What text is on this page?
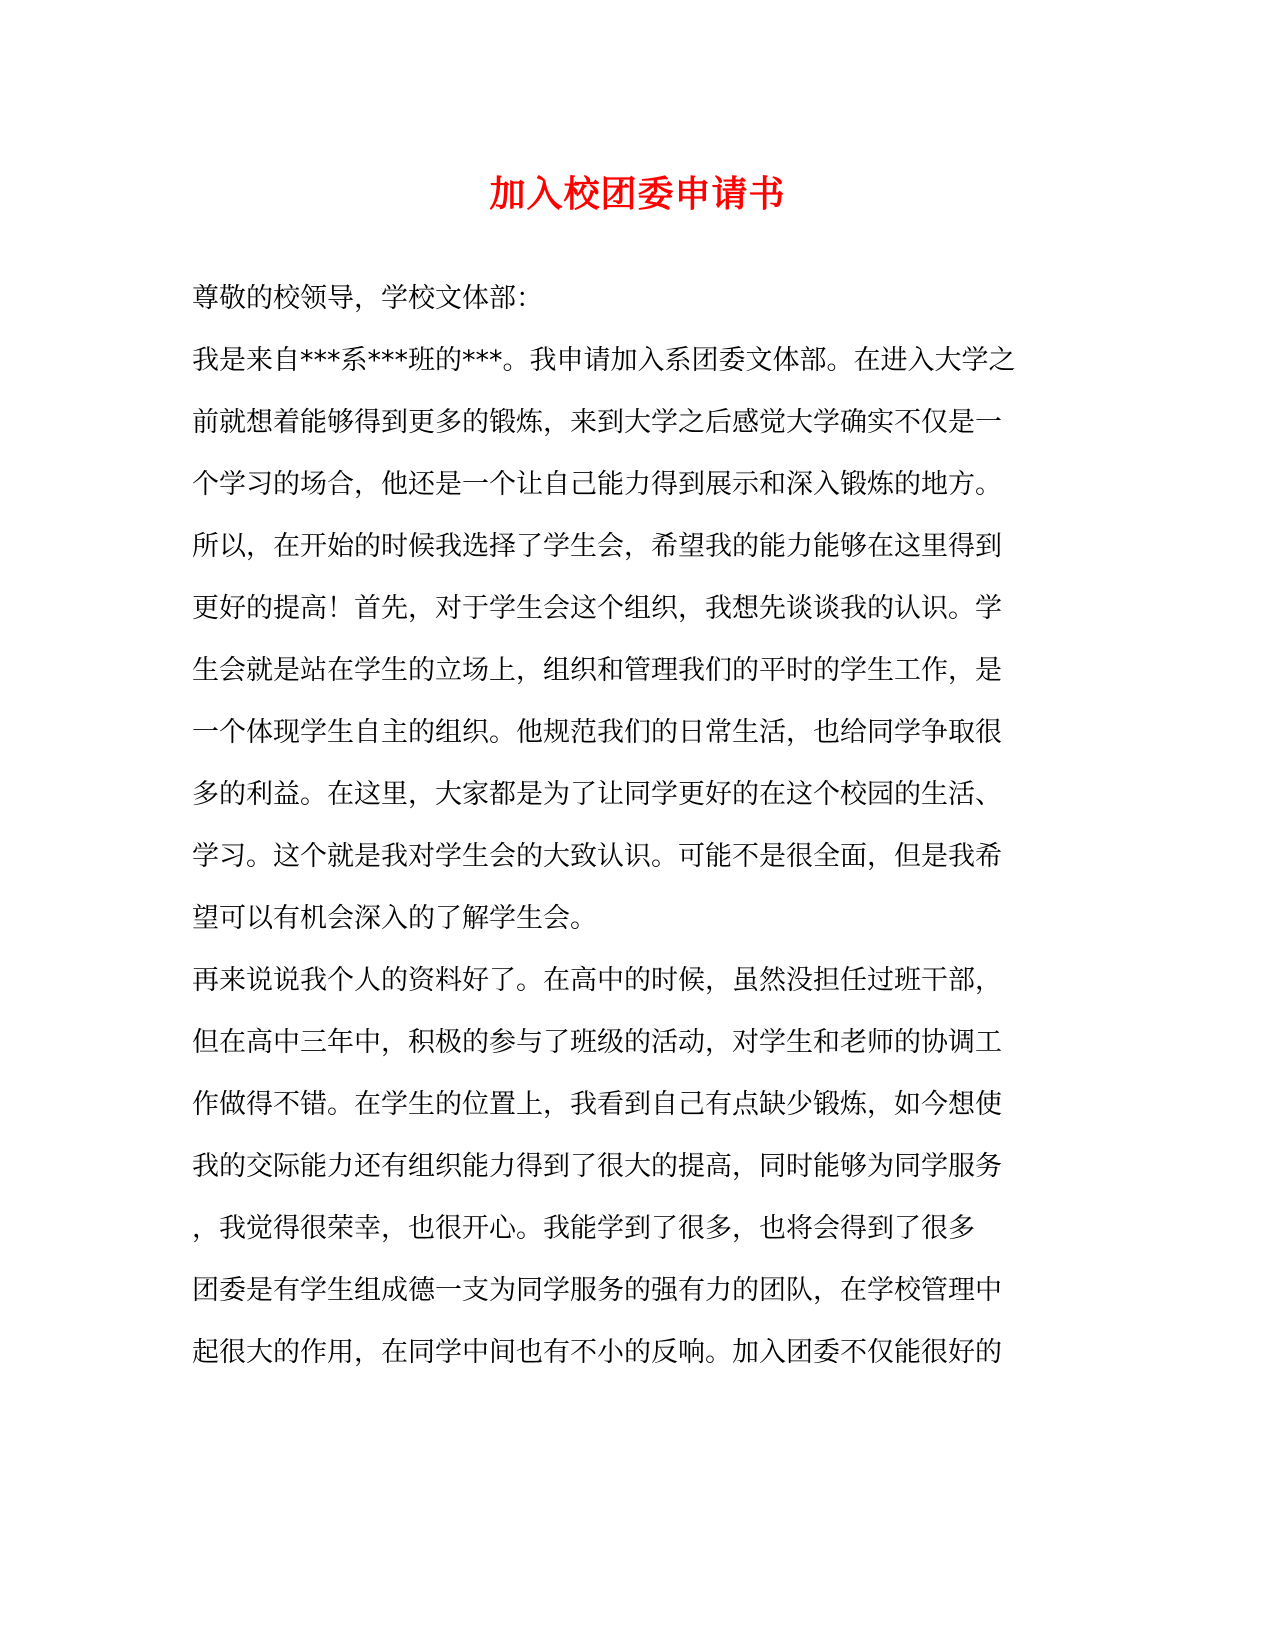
加入校团委申请书
尊敬的校领导，学校文体部：
我是来自***系***班的***。我申请加入系团委文体部。在进入大学之
前就想着能够得到更多的锻炼，来到大学之后感觉大学确实不仅是一
个学习的场合，他还是一个让自己能力得到展示和深入锻炼的地方。
所以，在开始的时候我选择了学生会，希望我的能力能够在这里得到
更好的提高！首先，对于学生会这个组织，我想先谈谈我的认识。学
生会就是站在学生的立场上，组织和管理我们的平时的学生工作，是
一个体现学生自主的组织。他规范我们的日常生活，也给同学争取很
多的利益。在这里，大家都是为了让同学更好的在这个校园的生活、
学习。这个就是我对学生会的大致认识。可能不是很全面，但是我希
望可以有机会深入的了解学生会。
再来说说我个人的资料好了。在高中的时候，虽然没担任过班干部，
但在高中三年中，积极的参与了班级的活动，对学生和老师的协调工
作做得不错。在学生的位置上，我看到自己有点缺少锻炼，如今想使
我的交际能力还有组织能力得到了很大的提高，同时能够为同学服务
，我觉得很荣幸，也很开心。我能学到了很多，也将会得到了很多
团委是有学生组成德一支为同学服务的强有力的团队，在学校管理中
起很大的作用，在同学中间也有不小的反响。加入团委不仅能很好的
